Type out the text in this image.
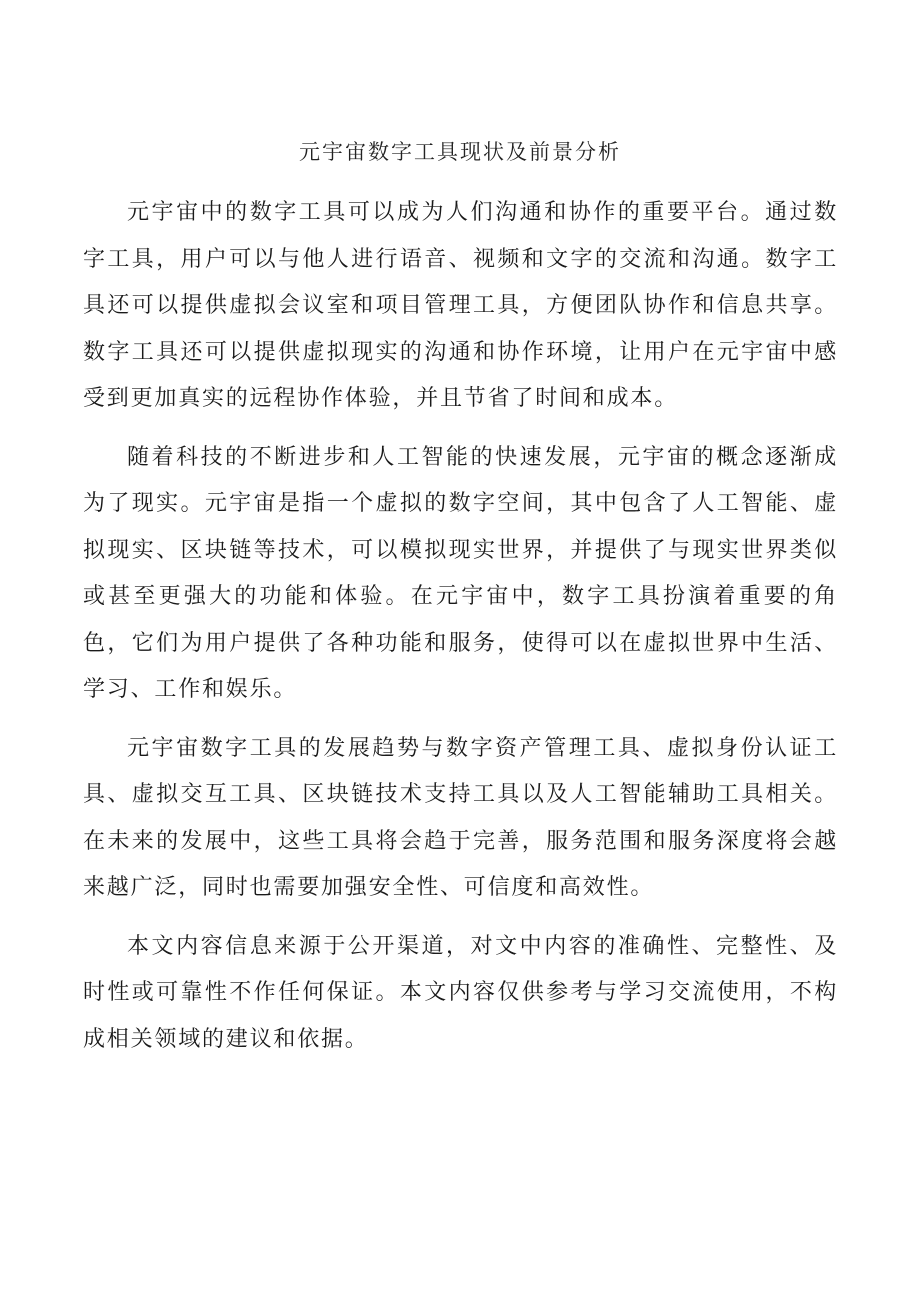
元宇宙数字工具现状及前景分析

元宇宙中的数字工具可以成为人们沟通和协作的重要平台。通过数字工具，用户可以与他人进行语音、视频和文字的交流和沟通。数字工具还可以提供虚拟会议室和项目管理工具，方便团队协作和信息共享。数字工具还可以提供虚拟现实的沟通和协作环境，让用户在元宇宙中感受到更加真实的远程协作体验，并且节省了时间和成本。

随着科技的不断进步和人工智能的快速发展，元宇宙的概念逐渐成为了现实。元宇宙是指一个虚拟的数字空间，其中包含了人工智能、虚拟现实、区块链等技术，可以模拟现实世界，并提供了与现实世界类似或甚至更强大的功能和体验。在元宇宙中，数字工具扮演着重要的角色，它们为用户提供了各种功能和服务，使得可以在虚拟世界中生活、学习、工作和娱乐。

元宇宙数字工具的发展趋势与数字资产管理工具、虚拟身份认证工具、虚拟交互工具、区块链技术支持工具以及人工智能辅助工具相关。在未来的发展中，这些工具将会趋于完善，服务范围和服务深度将会越来越广泛，同时也需要加强安全性、可信度和高效性。

本文内容信息来源于公开渠道，对文中内容的准确性、完整性、及时性或可靠性不作任何保证。本文内容仅供参考与学习交流使用，不构成相关领域的建议和依据。
